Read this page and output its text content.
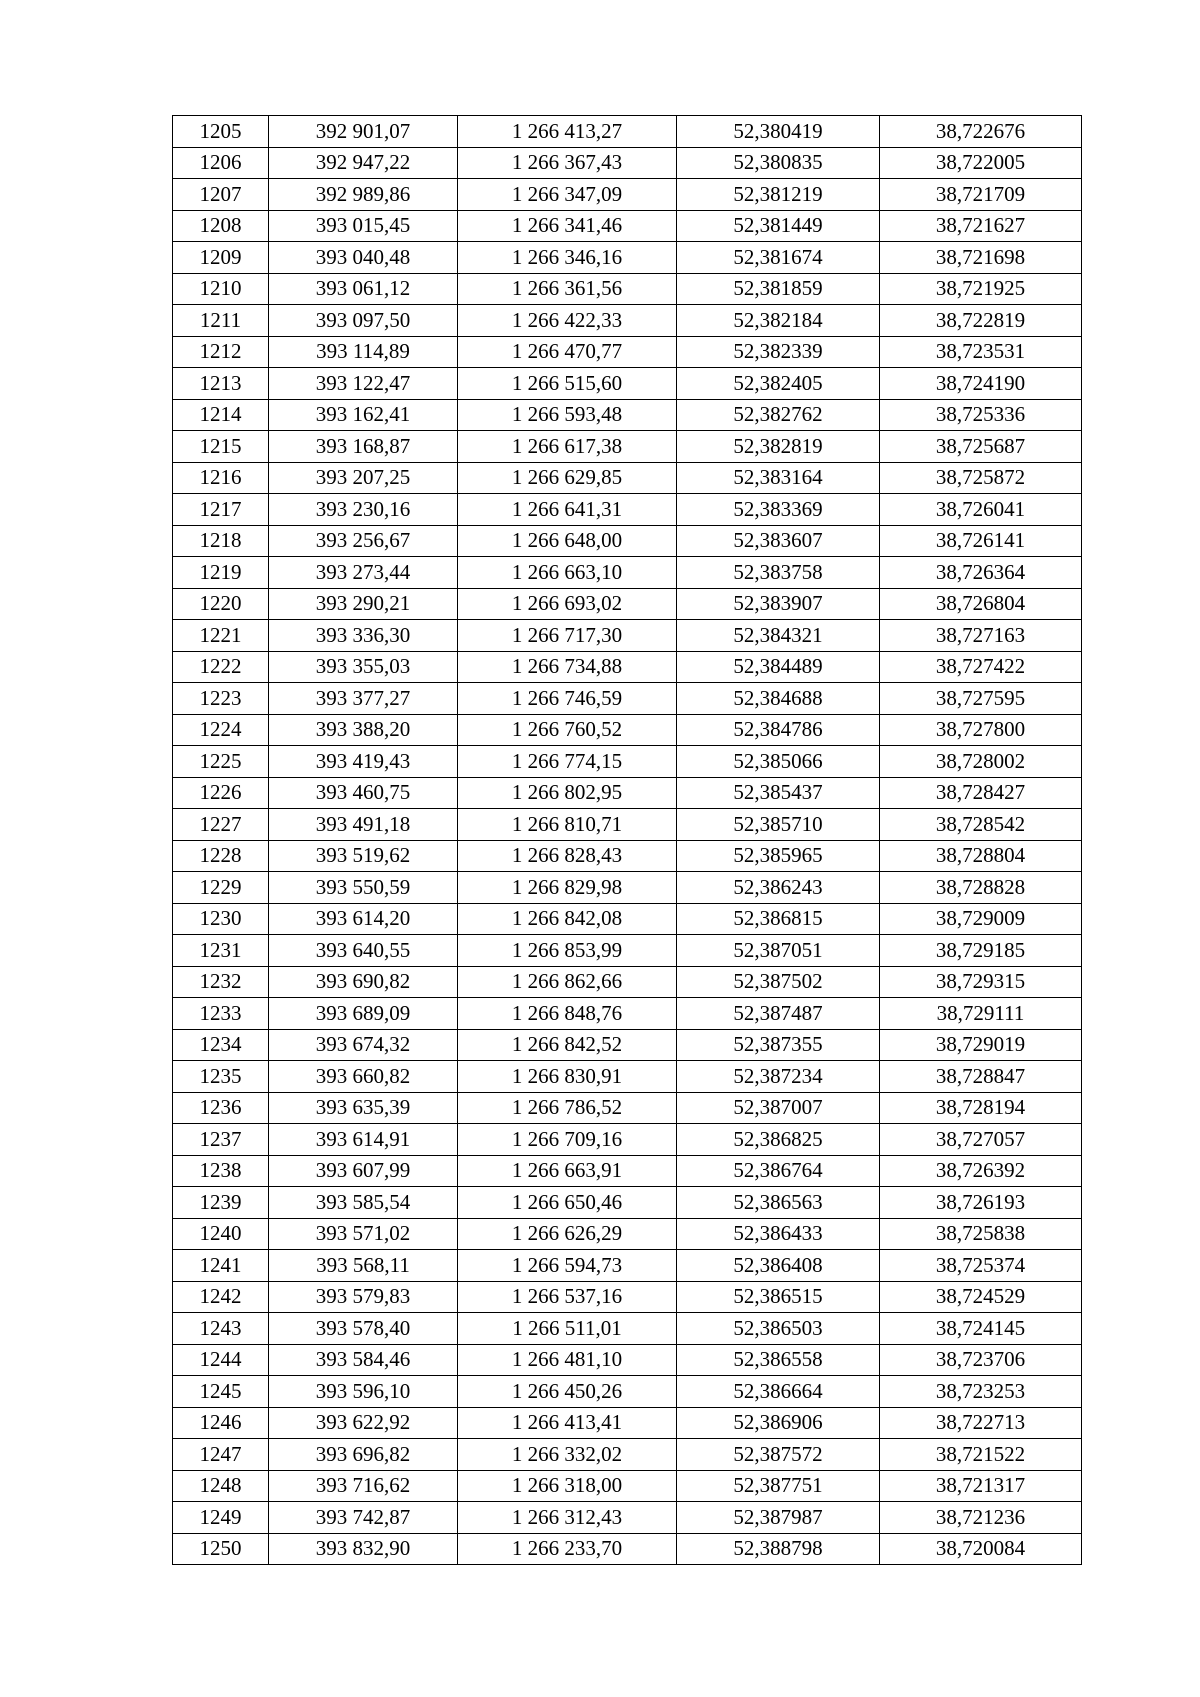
1205	392 901,07	1 266 413,27	52,380419	38,722676
1206	392 947,22	1 266 367,43	52,380835	38,722005
1207	392 989,86	1 266 347,09	52,381219	38,721709
1208	393 015,45	1 266 341,46	52,381449	38,721627
1209	393 040,48	1 266 346,16	52,381674	38,721698
1210	393 061,12	1 266 361,56	52,381859	38,721925
1211	393 097,50	1 266 422,33	52,382184	38,722819
1212	393 114,89	1 266 470,77	52,382339	38,723531
1213	393 122,47	1 266 515,60	52,382405	38,724190
1214	393 162,41	1 266 593,48	52,382762	38,725336
1215	393 168,87	1 266 617,38	52,382819	38,725687
1216	393 207,25	1 266 629,85	52,383164	38,725872
1217	393 230,16	1 266 641,31	52,383369	38,726041
1218	393 256,67	1 266 648,00	52,383607	38,726141
1219	393 273,44	1 266 663,10	52,383758	38,726364
1220	393 290,21	1 266 693,02	52,383907	38,726804
1221	393 336,30	1 266 717,30	52,384321	38,727163
1222	393 355,03	1 266 734,88	52,384489	38,727422
1223	393 377,27	1 266 746,59	52,384688	38,727595
1224	393 388,20	1 266 760,52	52,384786	38,727800
1225	393 419,43	1 266 774,15	52,385066	38,728002
1226	393 460,75	1 266 802,95	52,385437	38,728427
1227	393 491,18	1 266 810,71	52,385710	38,728542
1228	393 519,62	1 266 828,43	52,385965	38,728804
1229	393 550,59	1 266 829,98	52,386243	38,728828
1230	393 614,20	1 266 842,08	52,386815	38,729009
1231	393 640,55	1 266 853,99	52,387051	38,729185
1232	393 690,82	1 266 862,66	52,387502	38,729315
1233	393 689,09	1 266 848,76	52,387487	38,729111
1234	393 674,32	1 266 842,52	52,387355	38,729019
1235	393 660,82	1 266 830,91	52,387234	38,728847
1236	393 635,39	1 266 786,52	52,387007	38,728194
1237	393 614,91	1 266 709,16	52,386825	38,727057
1238	393 607,99	1 266 663,91	52,386764	38,726392
1239	393 585,54	1 266 650,46	52,386563	38,726193
1240	393 571,02	1 266 626,29	52,386433	38,725838
1241	393 568,11	1 266 594,73	52,386408	38,725374
1242	393 579,83	1 266 537,16	52,386515	38,724529
1243	393 578,40	1 266 511,01	52,386503	38,724145
1244	393 584,46	1 266 481,10	52,386558	38,723706
1245	393 596,10	1 266 450,26	52,386664	38,723253
1246	393 622,92	1 266 413,41	52,386906	38,722713
1247	393 696,82	1 266 332,02	52,387572	38,721522
1248	393 716,62	1 266 318,00	52,387751	38,721317
1249	393 742,87	1 266 312,43	52,387987	38,721236
1250	393 832,90	1 266 233,70	52,388798	38,720084
